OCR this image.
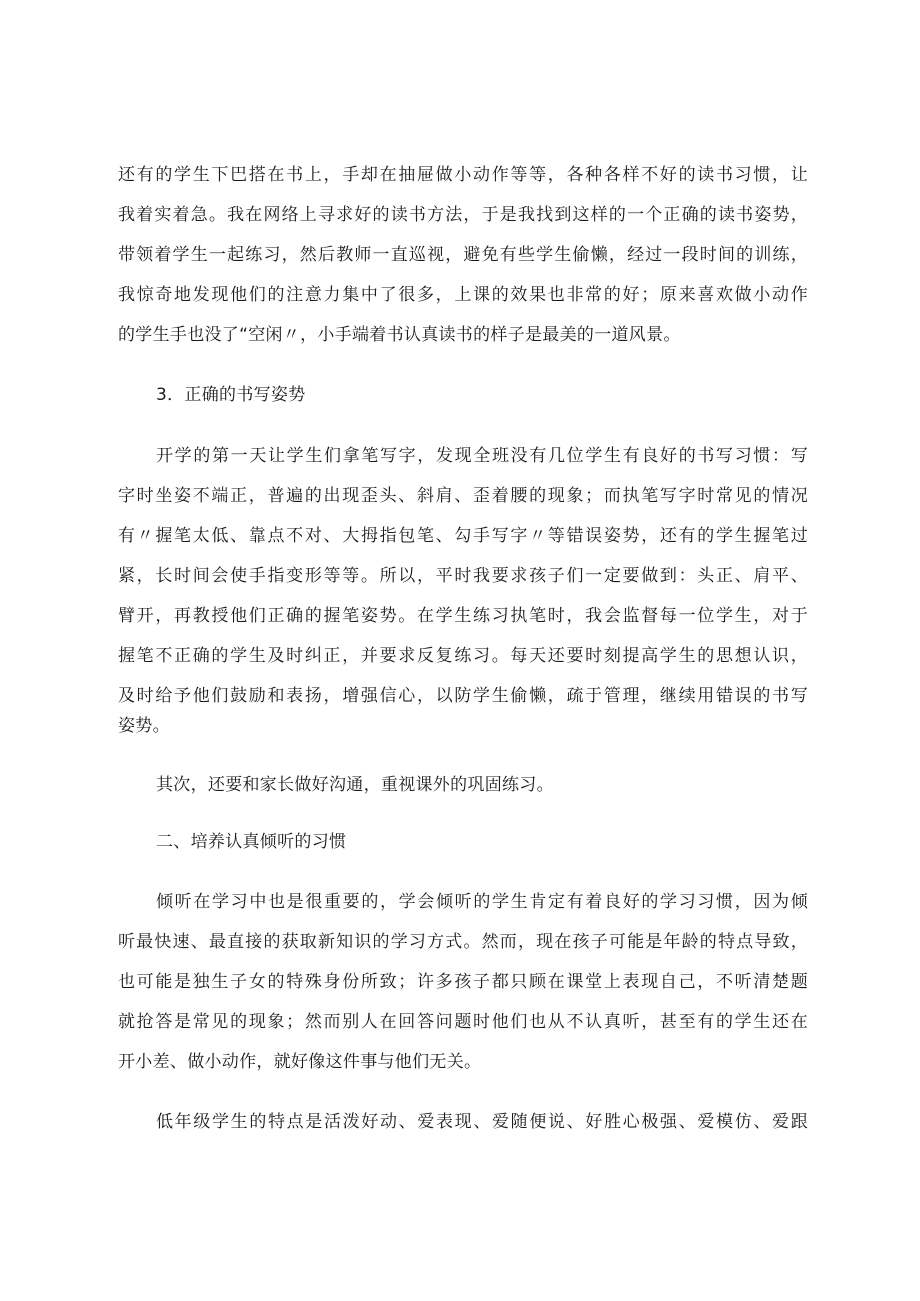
还有的学生下巴搭在书上，手却在抽屉做小动作等等，各种各样不好的读书习惯，让
我着实着急。我在网络上寻求好的读书方法，于是我找到这样的一个正确的读书姿势，
带领着学生一起练习，然后教师一直巡视，避免有些学生偷懒，经过一段时间的训练，
我惊奇地发现他们的注意力集中了很多，上课的效果也非常的好；原来喜欢做小动作
的学生手也没了“空闲〃，小手端着书认真读书的样子是最美的一道风景。
3．正确的书写姿势
开学的第一天让学生们拿笔写字，发现全班没有几位学生有良好的书写习惯：写
字时坐姿不端正，普遍的出现歪头、斜肩、歪着腰的现象；而执笔写字时常见的情况
有〃握笔太低、靠点不对、大拇指包笔、勾手写字〃等错误姿势，还有的学生握笔过
紧，长时间会使手指变形等等。所以，平时我要求孩子们一定要做到：头正、肩平、
臂开，再教授他们正确的握笔姿势。在学生练习执笔时，我会监督每一位学生，对于
握笔不正确的学生及时纠正，并要求反复练习。每天还要时刻提高学生的思想认识，
及时给予他们鼓励和表扬，增强信心，以防学生偷懒，疏于管理，继续用错误的书写
姿势。
其次，还要和家长做好沟通，重视课外的巩固练习。
二、培养认真倾听的习惯
倾听在学习中也是很重要的，学会倾听的学生肯定有着良好的学习习惯，因为倾
听最快速、最直接的获取新知识的学习方式。然而，现在孩子可能是年龄的特点导致，
也可能是独生子女的特殊身份所致；许多孩子都只顾在课堂上表现自己，不听清楚题
就抢答是常见的现象；然而别人在回答问题时他们也从不认真听，甚至有的学生还在
开小差、做小动作，就好像这件事与他们无关。
低年级学生的特点是活泼好动、爱表现、爱随便说、好胜心极强、爱模仿、爱跟
